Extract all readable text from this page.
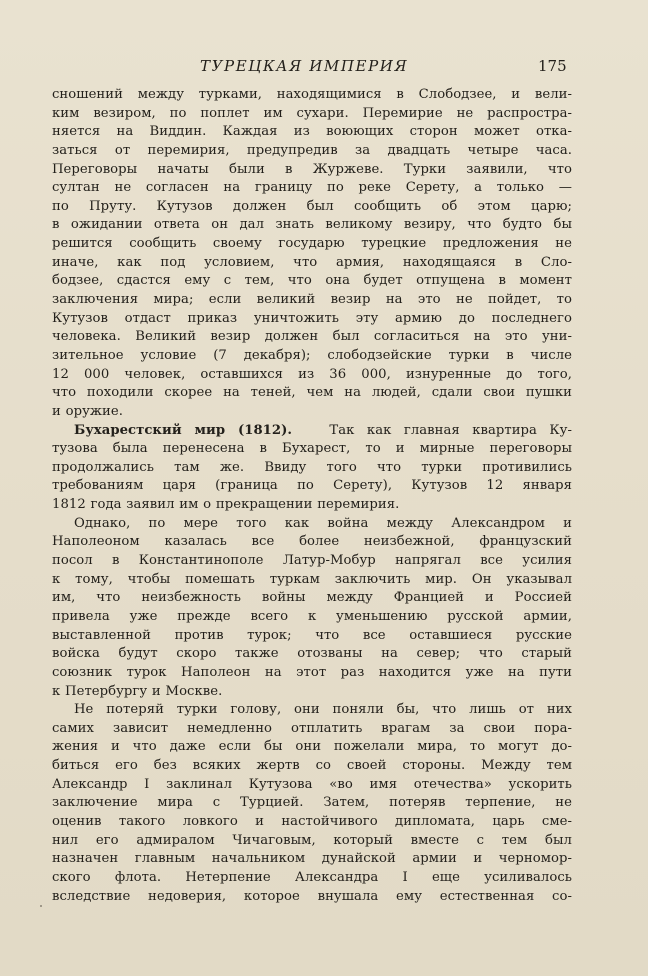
ТУРЕЦКАЯ ИМПЕРИЯ	175
сношений между турками, находящимися в Слободзее, и вели-
ким везиром, по поплет им сухари. Перемирие не распростра-
няется на Виддин. Каждая из воюющих сторон может отка-
заться от перемирия, предупредив за двадцать четыре часа.
Переговоры начаты были в Журжеве. Турки заявили, что
султан не согласен на границу по реке Серету, а только —
по Пруту. Кутузов должен был сообщить об этом царю;
в ожидании ответа он дал знать великому везиру, что будто бы
решится сообщить своему государю турецкие предложения не
иначе, как под условием, что армия, находящаяся в Сло-
бодзее, сдастся ему с тем, что она будет отпущена в момент
заключения мира; если великий везир на это не пойдет, то
Кутузов отдаст приказ уничтожить эту армию до последнего
человека. Великий везир должен был согласиться на это уни-
зительное условие (7 декабря); слободзейские турки в числе
12 000 человек, оставшихся из 36 000, изнуренные до того,
что походили скорее на теней, чем на людей, сдали свои пушки
и оружие.
Бухарестский мир (1812).	Так как главная квартира Ку-
тузова была перенесена в Бухарест, то и мирные переговоры
продолжались там же. Ввиду того что турки противились
требованиям царя (граница по Серету), Кутузов 12 января
1812 года заявил им о прекращении перемирия.
Однако, по мере того как война между Александром и
Наполеоном казалась все более неизбежной, французский
посол в Константинополе Латур-Мобур напрягал все усилия
к тому, чтобы помешать туркам заключить мир. Он указывал
им, что неизбежность войны между Францией и Россией
привела уже прежде всего к уменьшению русской армии,
выставленной против турок; что все оставшиеся русские
войска будут скоро также отозваны на север; что старый
союзник турок Наполеон на этот раз находится уже на пути
к Петербургу и Москве.
Не потеряй турки голову, они поняли бы, что лишь от них
самих зависит немедленно отплатить врагам за свои пора-
жения и что даже если бы они пожелали мира, то могут до-
биться его без всяких жертв со своей стороны. Между тем
Александр I заклинал Кутузова «во имя отечества» ускорить
заключение мира с Турцией. Затем, потеряв терпение, не
оценив такого ловкого и настойчивого дипломата, царь сме-
нил его адмиралом Чичаговым, который вместе с тем был
назначен главным начальником дунайской армии и черномор-
ского флота. Нетерпение Александра I еще усиливалось
вследствие недоверия, которое внушала ему естественная со-
